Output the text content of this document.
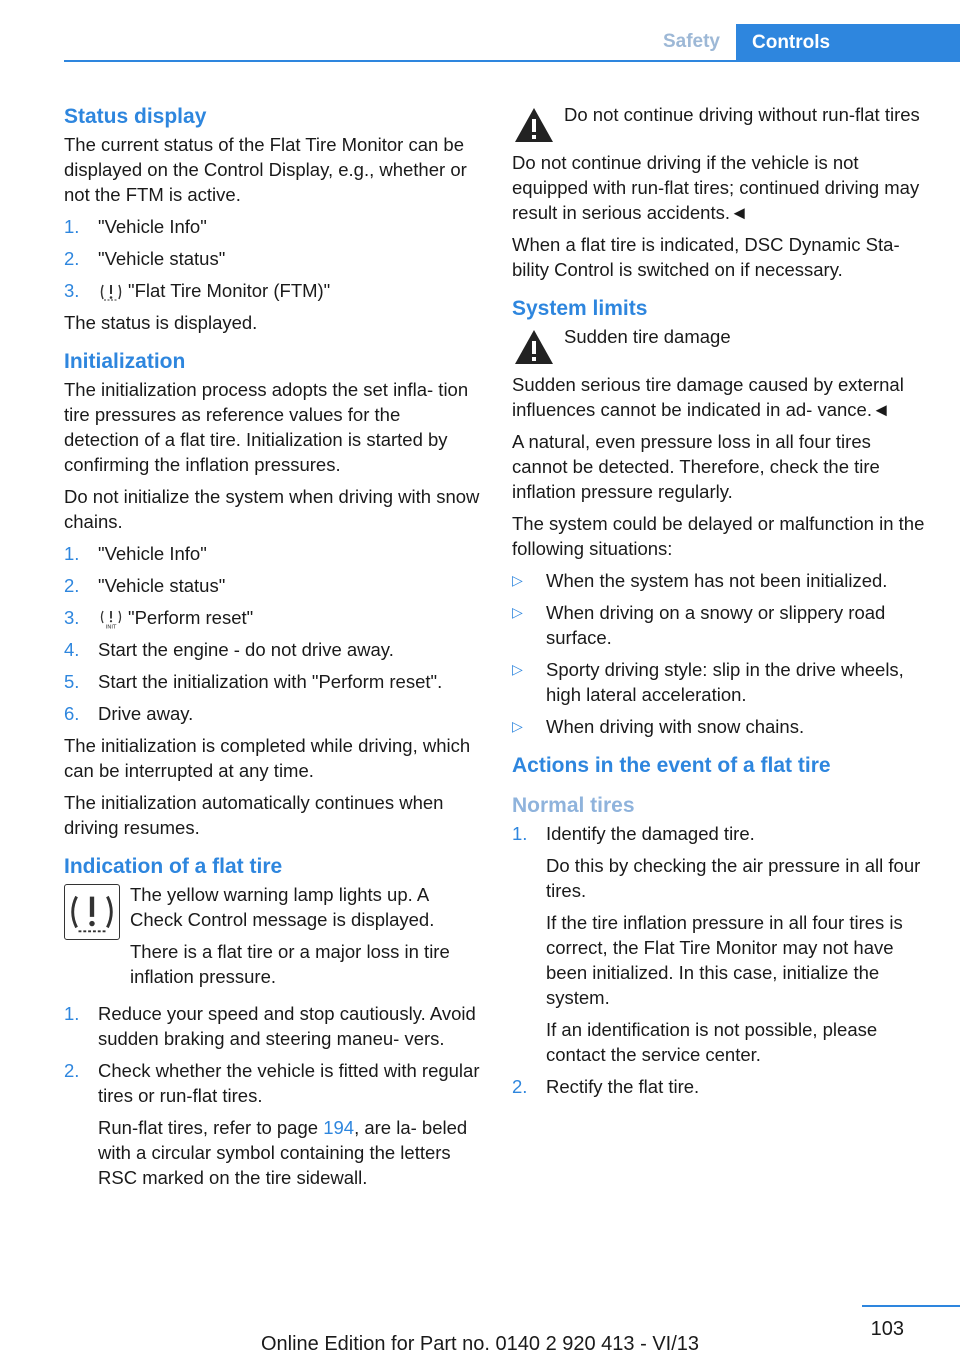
Safety	Controls
Status display

The current status of the Flat Tire Monitor can be displayed on the Control Display, e.g., whether or not the FTM is active.

1. "Vehicle Info"
2. "Vehicle status"
3.	"Flat Tire Monitor (FTM)"

The status is displayed.

Initialization

The initialization process adopts the set infla- tion tire pressures as reference values for the detection of a flat tire. Initialization is started by confirming the inflation pressures.

Do not initialize the system when driving with snow chains.

1. "Vehicle Info"
2. "Vehicle status"
3.	INIT "Perform reset"
4. Start the engine - do not drive away.
5. Start the initialization with "Perform reset".
6. Drive away.

The initialization is completed while driving, which can be interrupted at any time.

The initialization automatically continues when driving resumes.

Indication of a flat tire

The yellow warning lamp lights up. A Check Control message is displayed.

There is a flat tire or a major loss in tire inflation pressure.

1. Reduce your speed and stop cautiously. Avoid sudden braking and steering maneu- vers.
2. Check whether the vehicle is fitted with regular tires or run-flat tires.
Run-flat tires, refer to page 194, are la- beled with a circular symbol containing the letters RSC marked on the tire sidewall.

Do not continue driving without run-flat tires

Do not continue driving if the vehicle is not equipped with run-flat tires; continued driving may result in serious accidents.◄

When a flat tire is indicated, DSC Dynamic Sta- bility Control is switched on if necessary.

System limits

Sudden tire damage

Sudden serious tire damage caused by external influences cannot be indicated in ad- vance.◄

A natural, even pressure loss in all four tires cannot be detected. Therefore, check the tire inflation pressure regularly.

The system could be delayed or malfunction in the following situations:

▷ When the system has not been initialized.
▷ When driving on a snowy or slippery road surface.
▷ Sporty driving style: slip in the drive wheels, high lateral acceleration.
▷ When driving with snow chains.
Actions in the event of a flat tire
Normal tires
1. Identify the damaged tire.
Do this by checking the air pressure in all four tires.
If the tire inflation pressure in all four tires is correct, the Flat Tire Monitor may not have been initialized. In this case, initialize the system.
If an identification is not possible, please contact the service center.
2. Rectify the flat tire.
103
Online Edition for Part no. 0140 2 920 413 - VI/13
